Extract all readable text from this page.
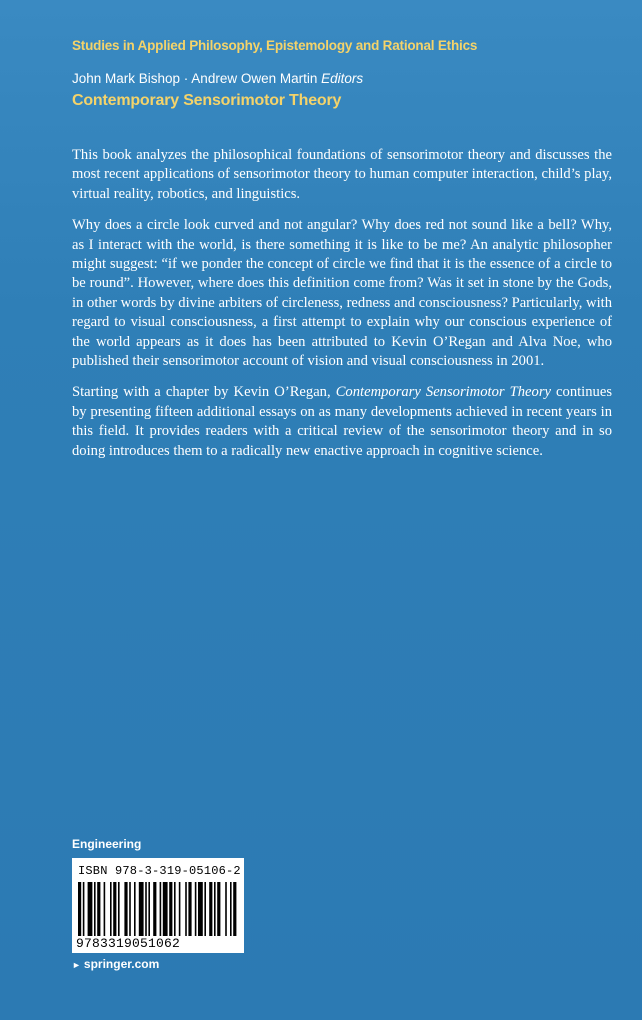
Studies in Applied Philosophy, Epistemology and Rational Ethics
John Mark Bishop · Andrew Owen Martin Editors
Contemporary Sensorimotor Theory

This book analyzes the philosophical foundations of sensorimotor theory and discusses the most recent applications of sensorimotor theory to human computer interaction, child’s play, virtual reality, robotics, and linguistics.

Why does a circle look curved and not angular? Why does red not sound like a bell? Why, as I interact with the world, is there something it is like to be me? An analytic philosopher might suggest: “if we ponder the concept of circle we find that it is the essence of a circle to be round”. However, where does this definition come from? Was it set in stone by the Gods, in other words by divine arbiters of circleness, redness and consciousness? Particularly, with regard to visual consciousness, a first attempt to explain why our conscious experience of the world appears as it does has been attributed to Kevin O’Regan and Alva Noe, who published their sensorimotor account of vision and visual consciousness in 2001.

Starting with a chapter by Kevin O’Regan, Contemporary Sensorimotor Theory continues by presenting fifteen additional essays on as many developments achieved in recent years in this field. It provides readers with a critical review of the sensorimotor theory and in so doing introduces them to a radically new enactive approach in cognitive science.

Engineering
ISBN 978-3-319-05106-2
9783319051062
► springer.com
